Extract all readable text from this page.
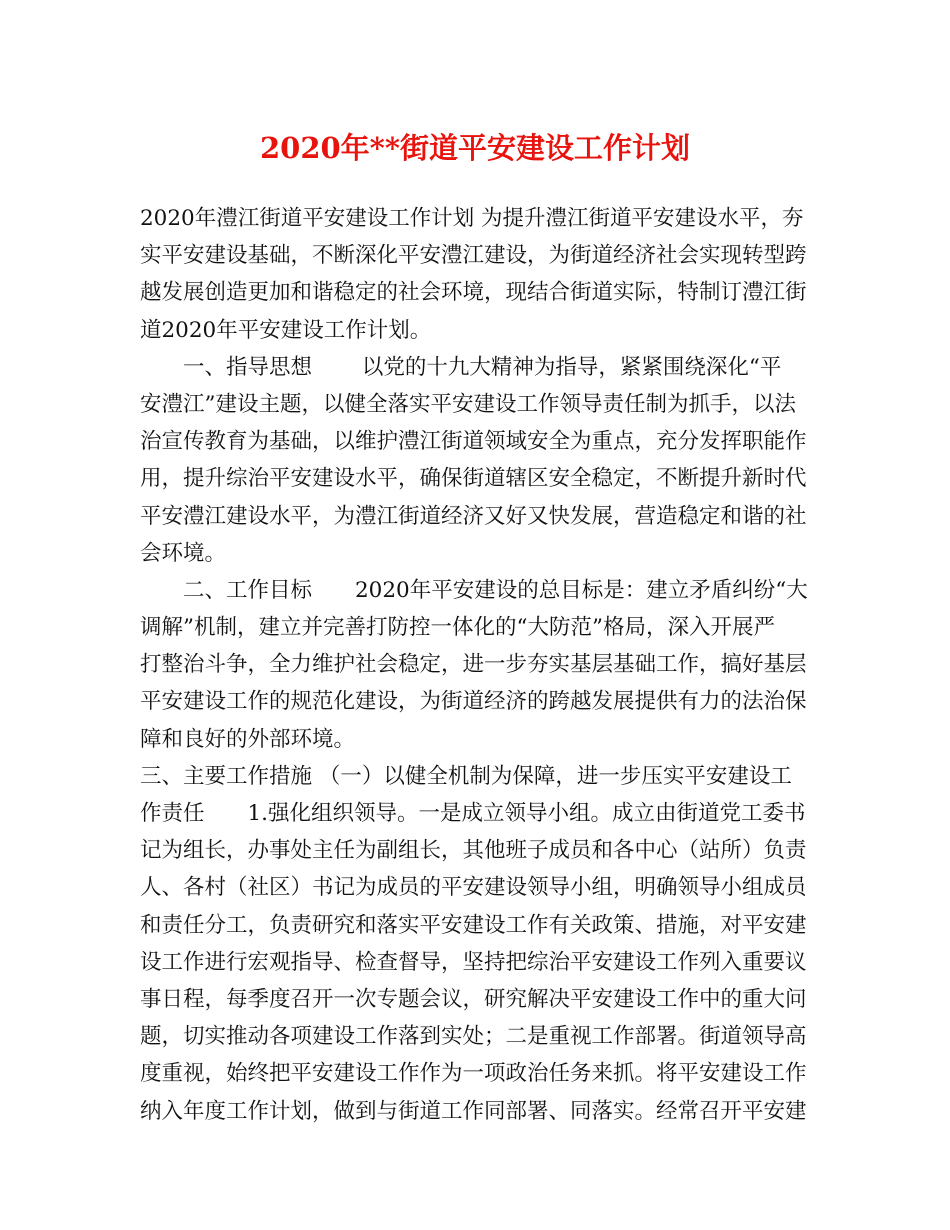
2020年**街道平安建设工作计划
2020年澧江街道平安建设工作计划 为提升澧江街道平安建设水平，夯
实平安建设基础，不断深化平安澧江建设，为街道经济社会实现转型跨
越发展创造更加和谐稳定的社会环境，现结合街道实际，特制订澧江街
道2020年平安建设工作计划。
　　一、指导思想　　 以党的十九大精神为指导，紧紧围绕深化“平
安澧江”建设主题，以健全落实平安建设工作领导责任制为抓手，以法
治宣传教育为基础，以维护澧江街道领域安全为重点，充分发挥职能作
用，提升综治平安建设水平，确保街道辖区安全稳定，不断提升新时代
平安澧江建设水平，为澧江街道经济又好又快发展，营造稳定和谐的社
会环境。
　　二、工作目标　　2020年平安建设的总目标是：建立矛盾纠纷“大
调解”机制，建立并完善打防控一体化的“大防范”格局，深入开展严
打整治斗争，全力维护社会稳定，进一步夯实基层基础工作，搞好基层
平安建设工作的规范化建设，为街道经济的跨越发展提供有力的法治保
障和良好的外部环境。
三、主要工作措施 （一）以健全机制为保障，进一步压实平安建设工
作责任　　1.强化组织领导。一是成立领导小组。成立由街道党工委书
记为组长，办事处主任为副组长，其他班子成员和各中心（站所）负责
人、各村（社区）书记为成员的平安建设领导小组，明确领导小组成员
和责任分工，负责研究和落实平安建设工作有关政策、措施，对平安建
设工作进行宏观指导、检查督导，坚持把综治平安建设工作列入重要议
事日程，每季度召开一次专题会议，研究解决平安建设工作中的重大问
题，切实推动各项建设工作落到实处；二是重视工作部署。街道领导高
度重视，始终把平安建设工作作为一项政治任务来抓。将平安建设工作
纳入年度工作计划，做到与街道工作同部署、同落实。经常召开平安建
